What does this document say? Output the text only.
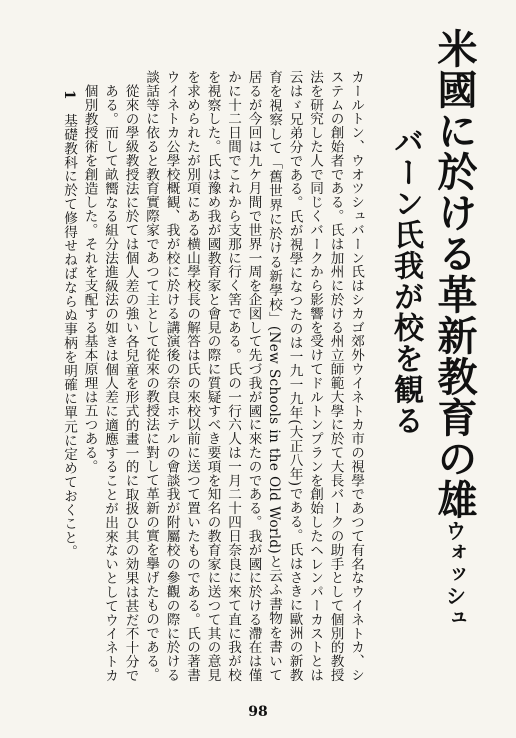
米國に於ける革新教育の雄ウォッシュ
バーン氏我が校を観る

カールトン、ウオツシュバーン氏はシカゴ郊外ウイネトカ市の視學であつて有名なウイネトカ、システムの創始者である。氏は加州に於ける州立師範大學に於て大長バークの助手として個別的教授法を研究した人で同じくバークから影響を受けてドルトンプランを創始したヘレンパーカストとは云はゞ兄弟分である。氏が視學になつたのは一九一九年(大正八年)である。氏はさきに歐洲の新教育を視察して「舊世界に於ける新學校」(New Schools in the Old World)と云ふ書物を書いて居るが今回は九ケ月間で世界一周を企図して先づ我が國に來たのである。我が國に於ける滯在は僅かに十二日間でこれから支那に行く筈である。氏の一行六人は一月二十四日奈良に來て直に我が校を視察した。氏は豫め我が國教育家と會見の際に質疑すべき要項を知名の教育家に送つて其の意見を求められたが別項にある横山學校長の解答は氏の來校以前に送つて置いたものである。氏の著書ウイネトカ公學校概観、我が校に於ける講演後の奈良ホテルの會談我が附屬校の參觀の際に於ける談話等に依ると教育實際家であつて主として從來の教授法に對して革新の實を擧げたものである。

從來の學級教授法に於ては個人差の強い各兒童を形式的畫一的に取扱ひ其の効果は甚だ不十分である。而して畝嚮なる組分法進級法の如きは個人差に適應することが出來ないとしてウイネトカ個別教授術を創造した。それを支配する基本原理は五つある。

1　基礎教科に於て修得せねばならぬ事柄を明確に單元に定めておくこと。

98
